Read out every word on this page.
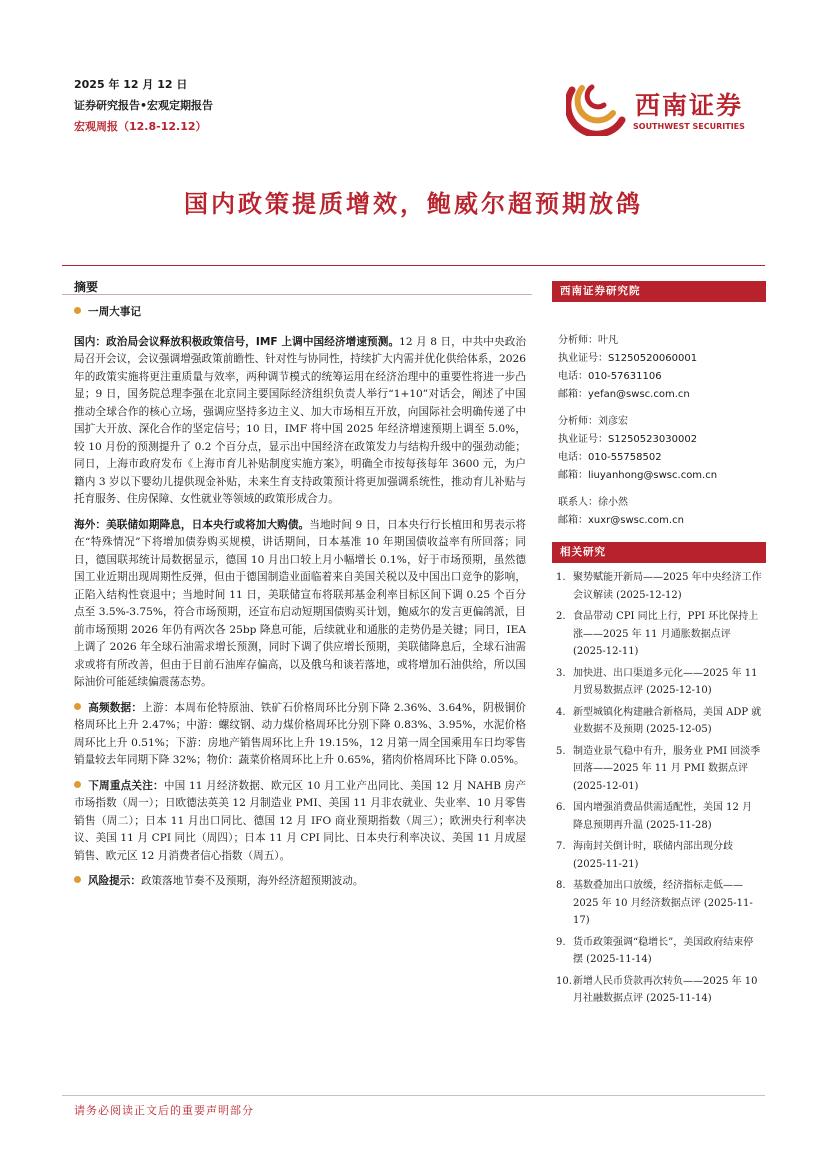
2025 年 12 月 12 日
证券研究报告•宏观定期报告
宏观周报（12.8-12.12）
西南证券
SOUTHWEST SECURITIES
国内政策提质增效，鲍威尔超预期放鸽
摘要

一周大事记

国内：政治局会议释放积极政策信号，IMF 上调中国经济增速预测。12 月 8 日，中共中央政治局召开会议，会议强调增强政策前瞻性、针对性与协同性，持续扩大内需并优化供给体系，2026 年的政策实施将更注重质量与效率，两种调节模式的统筹运用在经济治理中的重要性将进一步凸显；9 日，国务院总理李强在北京同主要国际经济组织负责人举行“1+10”对话会，阐述了中国推动全球合作的核心立场，强调应坚持多边主义、加大市场相互开放，向国际社会明确传递了中国扩大开放、深化合作的坚定信号；10 日，IMF 将中国 2025 年经济增速预期上调至 5.0%，较 10 月份的预测提升了 0.2 个百分点，显示出中国经济在政策发力与结构升级中的强劲动能；同日，上海市政府发布《上海市育儿补贴制度实施方案》，明确全市按每孩每年 3600 元，为户籍内 3 岁以下婴幼儿提供现金补贴，未来生育支持政策预计将更加强调系统性，推动育儿补贴与托育服务、住房保障、女性就业等领域的政策形成合力。

海外：美联储如期降息，日本央行或将加大购债。当地时间 9 日，日本央行行长植田和男表示将在“特殊情况”下将增加债券购买规模，讲话期间，日本基准 10 年期国债收益率有所回落；同日，德国联邦统计局数据显示，德国 10 月出口较上月小幅增长 0.1%，好于市场预期，虽然德国工业近期出现周期性反弹，但由于德国制造业面临着来自美国关税以及中国出口竞争的影响，正陷入结构性衰退中；当地时间 11 日，美联储宣布将联邦基金利率目标区间下调 0.25 个百分点至 3.5%-3.75%，符合市场预期，还宣布启动短期国债购买计划，鲍威尔的发言更偏鸽派，目前市场预期 2026 年仍有两次各 25bp 降息可能，后续就业和通胀的走势仍是关键；同日，IEA 上调了 2026 年全球石油需求增长预测，同时下调了供应增长预期，美联储降息后，全球石油需求或将有所改善，但由于目前石油库存偏高，以及俄乌和谈若落地，或将增加石油供给，所以国际油价可能延续偏震荡态势。

高频数据：上游：本周布伦特原油、铁矿石价格周环比分别下降 2.36%、3.64%，阴极铜价格周环比上升 2.47%；中游：螺纹钢、动力煤价格周环比分别下降 0.83%、3.95%，水泥价格周环比上升 0.51%；下游：房地产销售周环比上升 19.15%，12 月第一周全国乘用车日均零售销量较去年同期下降 32%；物价：蔬菜价格周环比上升 0.65%，猪肉价格周环比下降 0.05%。

下周重点关注：中国 11 月经济数据、欧元区 10 月工业产出同比、美国 12 月 NAHB 房产市场指数（周一）；日欧德法英美 12 月制造业 PMI、美国 11 月非农就业、失业率、10 月零售销售（周二）；日本 11 月出口同比、德国 12 月 IFO 商业预期指数（周三）；欧洲央行利率决议、美国 11 月 CPI 同比（周四）；日本 11 月 CPI 同比、日本央行利率决议、美国 11 月成屋销售、欧元区 12 月消费者信心指数（周五）。

风险提示：政策落地节奏不及预期，海外经济超预期波动。

西南证券研究院
分析师：叶凡
执业证号：S1250520060001
电话：010-57631106
邮箱：yefan@swsc.com.cn
分析师：刘彦宏
执业证号：S1250523030002
电话：010-55758502
邮箱：liuyanhong@swsc.com.cn
联系人：徐小然
邮箱：xuxr@swsc.com.cn
相关研究
1. 聚势赋能开新局——2025 年中央经济工作会议解读 (2025-12-12)
2. 食品带动 CPI 同比上行，PPI 环比保持上涨——2025 年 11 月通胀数据点评 (2025-12-11)
3. 加快进、出口渠道多元化——2025 年 11 月贸易数据点评 (2025-12-10)
4. 新型城镇化构建融合新格局，美国 ADP 就业数据不及预期 (2025-12-05)
5. 制造业景气稳中有升，服务业 PMI 回淡季回落——2025 年 11 月 PMI 数据点评 (2025-12-01)
6. 国内增强消费品供需适配性，美国 12 月降息预期再升温 (2025-11-28)
7. 海南封关倒计时，联储内部出现分歧 (2025-11-21)
8. 基数叠加出口放缓，经济指标走低——2025 年 10 月经济数据点评 (2025-11-17)
9. 货币政策强调“稳增长”，美国政府结束停摆 (2025-11-14)
10.新增人民币贷款再次转负——2025 年 10 月社融数据点评 (2025-11-14)
请务必阅读正文后的重要声明部分
